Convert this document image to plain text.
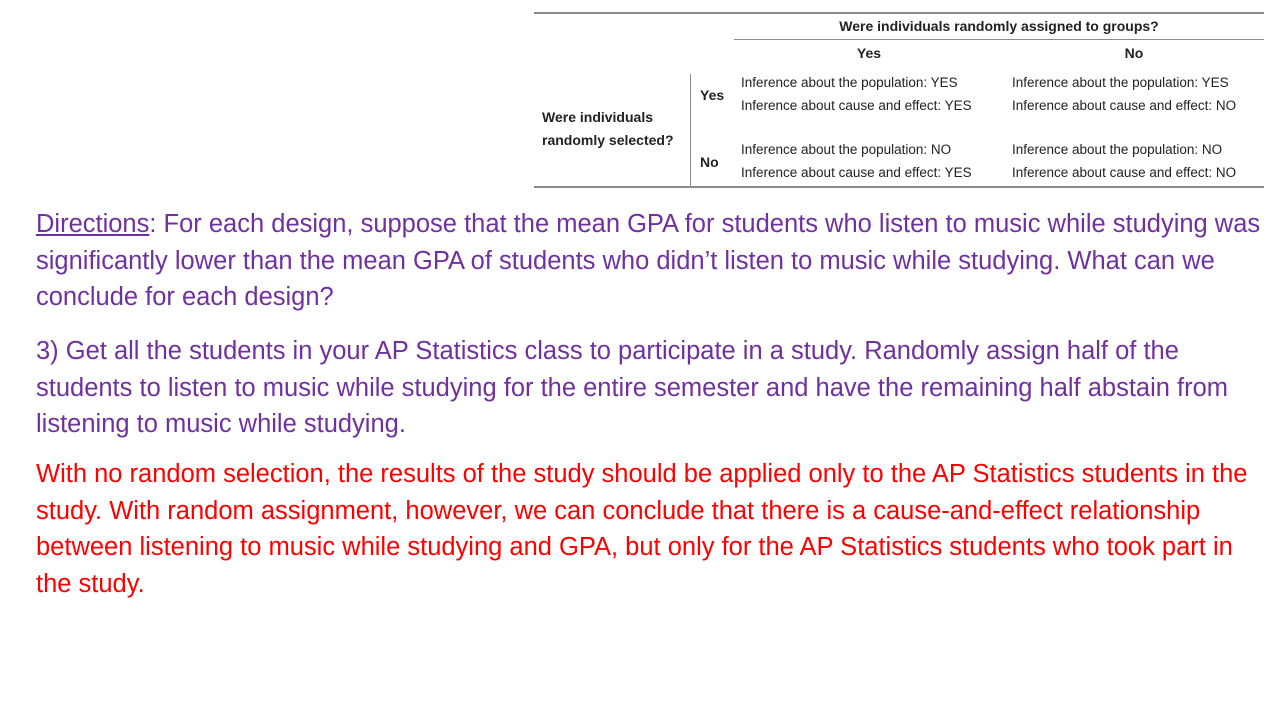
Were individuals randomly assigned to groups?
Yes	No
Were individuals
randomly selected?
Yes
No
Inference about the population: YES
Inference about cause and effect: YES
Inference about the population: YES
Inference about cause and effect: NO
Inference about the population: NO
Inference about cause and effect: YES
Inference about the population: NO
Inference about cause and effect: NO
Directions: For each design, suppose that the mean GPA for students who listen to music while studying was significantly lower than the mean GPA of students who didn’t listen to music while studying. What can we conclude for each design?
3) Get all the students in your AP Statistics class to participate in a study. Randomly assign half of the students to listen to music while studying for the entire semester and have the remaining half abstain from listening to music while studying.
With no random selection, the results of the study should be applied only to the AP Statistics students in the study. With random assignment, however, we can conclude that there is a cause-and-effect relationship between listening to music while studying and GPA, but only for the AP Statistics students who took part in the study.
